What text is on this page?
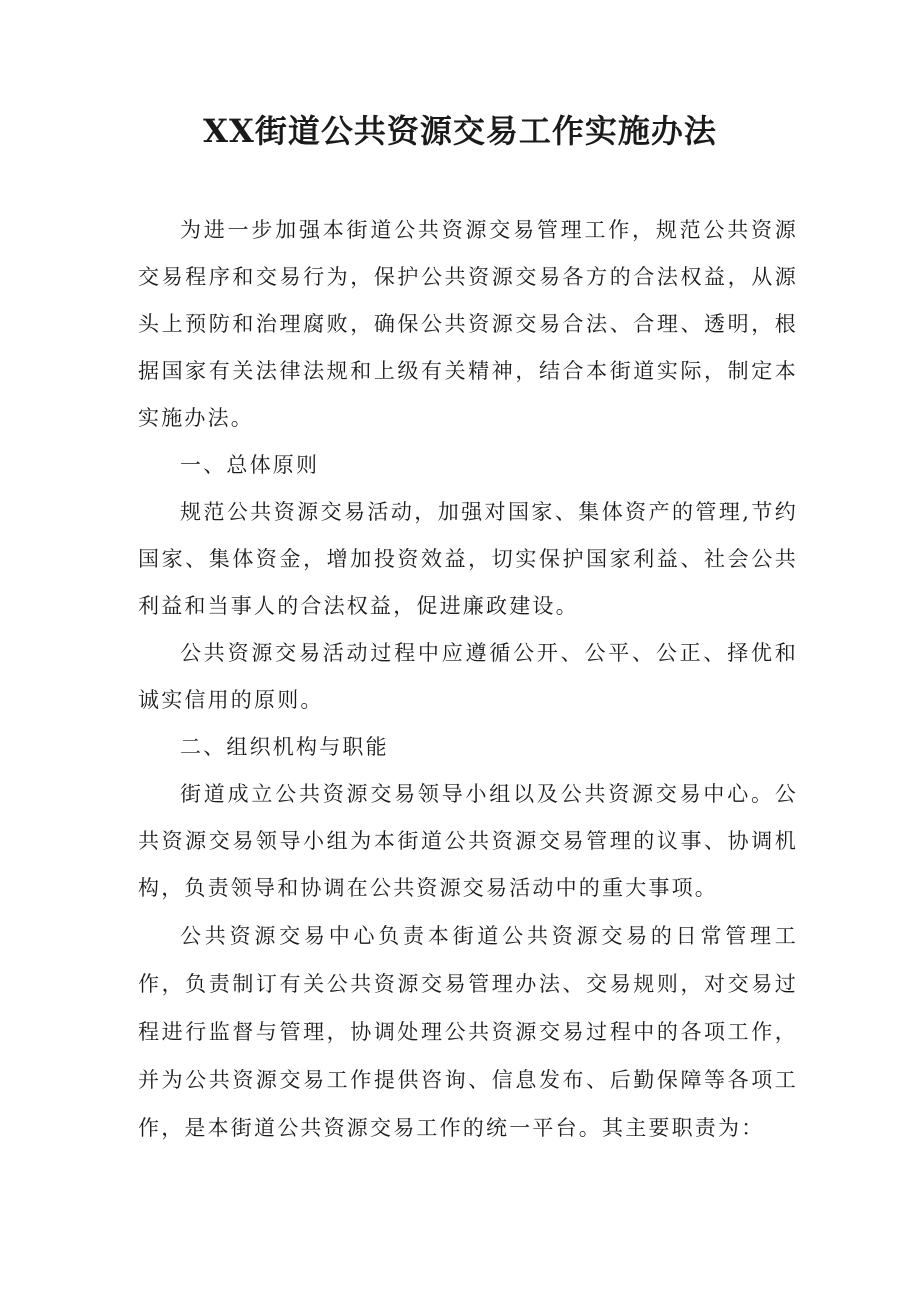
XX街道公共资源交易工作实施办法

为进一步加强本街道公共资源交易管理工作，规范公共资源交易程序和交易行为，保护公共资源交易各方的合法权益，从源头上预防和治理腐败，确保公共资源交易合法、合理、透明，根据国家有关法律法规和上级有关精神，结合本街道实际，制定本实施办法。

一、总体原则

规范公共资源交易活动，加强对国家、集体资产的管理,节约国家、集体资金，增加投资效益，切实保护国家利益、社会公共利益和当事人的合法权益，促进廉政建设。

公共资源交易活动过程中应遵循公开、公平、公正、择优和诚实信用的原则。

二、组织机构与职能

街道成立公共资源交易领导小组以及公共资源交易中心。公共资源交易领导小组为本街道公共资源交易管理的议事、协调机构，负责领导和协调在公共资源交易活动中的重大事项。

公共资源交易中心负责本街道公共资源交易的日常管理工作，负责制订有关公共资源交易管理办法、交易规则，对交易过程进行监督与管理，协调处理公共资源交易过程中的各项工作，并为公共资源交易工作提供咨询、信息发布、后勤保障等各项工作，是本街道公共资源交易工作的统一平台。其主要职责为：
